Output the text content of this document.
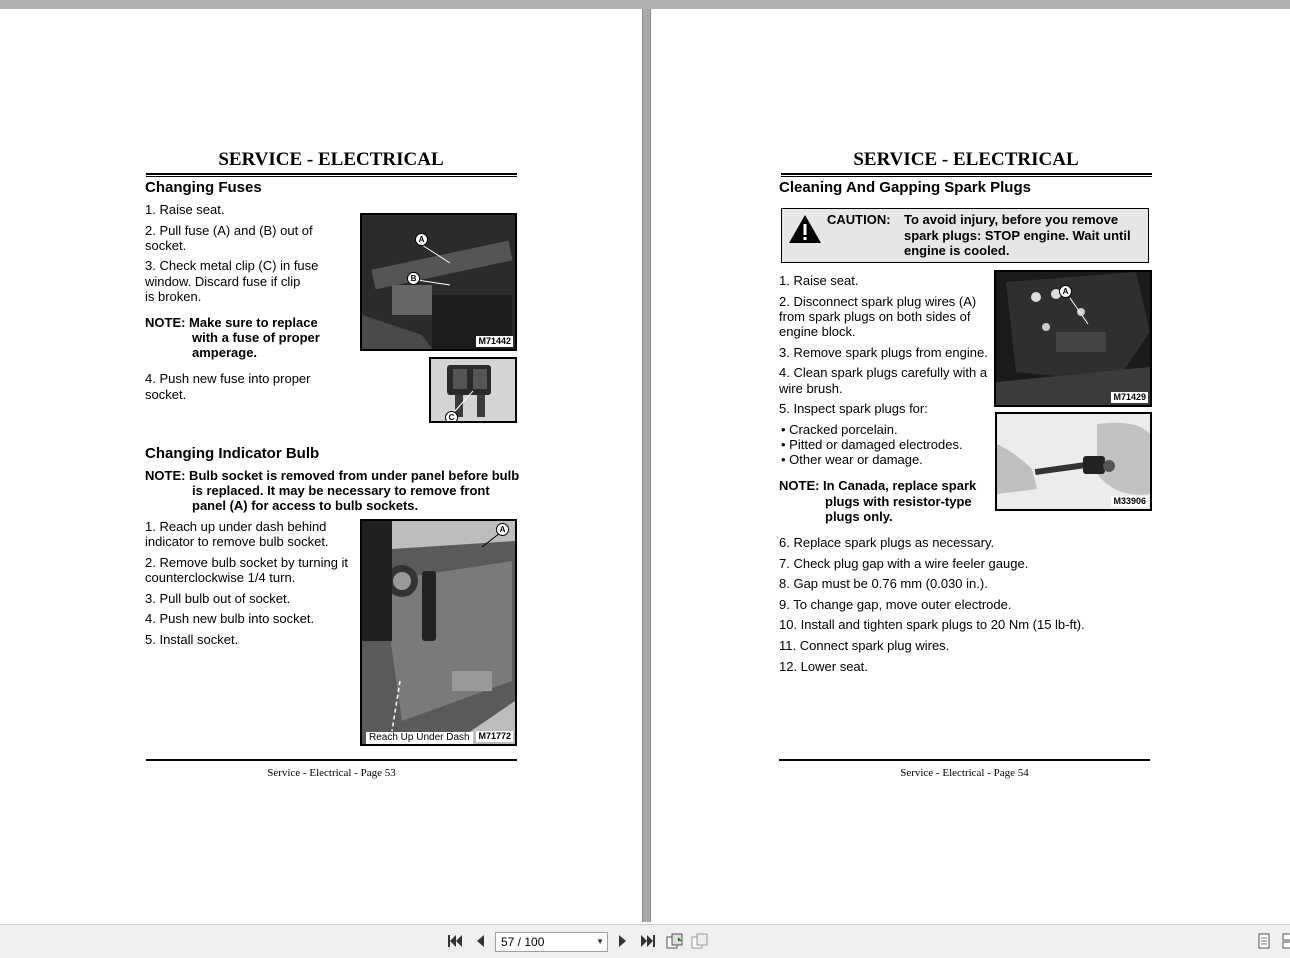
SERVICE - ELECTRICAL
Changing Fuses
1. Raise seat.
2. Pull fuse (A) and (B) out of
socket.
3. Check metal clip (C) in fuse
window. Discard fuse if clip
is broken.
NOTE: Make sure to replace
with a fuse of proper
amperage.
4. Push new fuse into proper
socket.
A
B
M71442
C
Changing Indicator Bulb
NOTE: Bulb socket is removed from under panel before bulb
is replaced. It may be necessary to remove front
panel (A) for access to bulb sockets.
1. Reach up under dash behind
indicator to remove bulb socket.
2. Remove bulb socket by turning it
counterclockwise 1/4 turn.
3. Pull bulb out of socket.
4. Push new bulb into socket.
5. Install socket.
A
Reach Up Under Dash M71772
Service - Electrical - Page 53
SERVICE - ELECTRICAL
Cleaning And Gapping Spark Plugs
CAUTION: To avoid injury, before you remove
spark plugs: STOP engine. Wait until
engine is cooled.
1. Raise seat.
2. Disconnect spark plug wires (A)
from spark plugs on both sides of
engine block.
3. Remove spark plugs from engine.
4. Clean spark plugs carefully with a
wire brush.
5. Inspect spark plugs for:
• Cracked porcelain.
• Pitted or damaged electrodes.
• Other wear or damage.
NOTE: In Canada, replace spark
plugs with resistor-type
plugs only.
6. Replace spark plugs as necessary.
7. Check plug gap with a wire feeler gauge.
8. Gap must be 0.76 mm (0.030 in.).
9. To change gap, move outer electrode.
10. Install and tighten spark plugs to 20 Nm (15 lb-ft).
11. Connect spark plug wires.
12. Lower seat.
A
M71429
M33906
Service - Electrical - Page 54
57 / 100	▼
